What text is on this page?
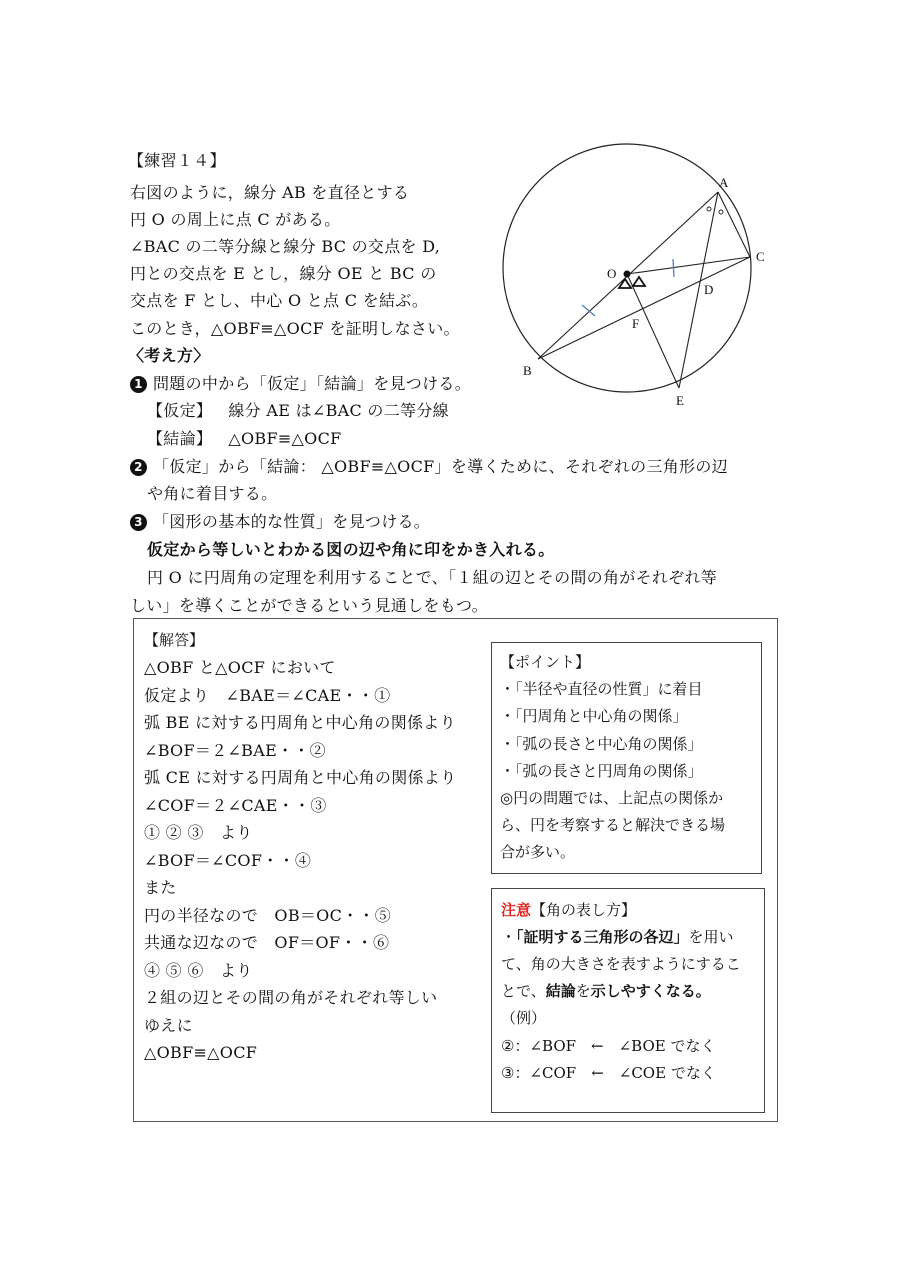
【練習１４】
右図のように，線分 AB を直径とする
円 O の周上に点 C がある。
∠BAC の二等分線と線分 BC の交点を D,
円との交点を E とし，線分 OE と BC の
交点を F とし、中心 O と点 C を結ぶ。
このとき，△OBF≡△OCF を証明しなさい。
A
B
C
O
D
E
F
〈考え方〉
1 問題の中から「仮定」「結論」を見つける。
【仮定】 線分 AE は∠BAC の二等分線
【結論】 △OBF≡△OCF
2 「仮定」から「結論： △OBF≡△OCF」を導くために、それぞれの三角形の辺
や角に着目する。
3 「図形の基本的な性質」を見つける。
仮定から等しいとわかる図の辺や角に印をかき入れる。
円 O に円周角の定理を利用することで、「１組の辺とその間の角がそれぞれ等
しい」を導くことができるという見通しをもつ。
【解答】
△OBF と△OCF において
仮定より　∠BAE＝∠CAE・・①
弧 BE に対する円周角と中心角の関係より
∠BOF＝２∠BAE・・②
弧 CE に対する円周角と中心角の関係より
∠COF＝２∠CAE・・③
① ② ③　より
∠BOF＝∠COF・・④
また
円の半径なので　OB＝OC・・⑤
共通な辺なので　OF＝OF・・⑥
④ ⑤ ⑥　より
２組の辺とその間の角がそれぞれ等しい
ゆえに
△OBF≡△OCF
【ポイント】
・「半径や直径の性質」に着目
・「円周角と中心角の関係」
・「弧の長さと中心角の関係」
・「弧の長さと円周角の関係」
◎円の問題では、上記点の関係か
ら、円を考察すると解決できる場
合が多い。
注意【角の表し方】
・「証明する三角形の各辺」を用い
て、角の大きさを表すようにするこ
とで、結論を示しやすくなる。
（例）
②：∠BOF　←　∠BOE でなく
③：∠COF　←　∠COE でなく
